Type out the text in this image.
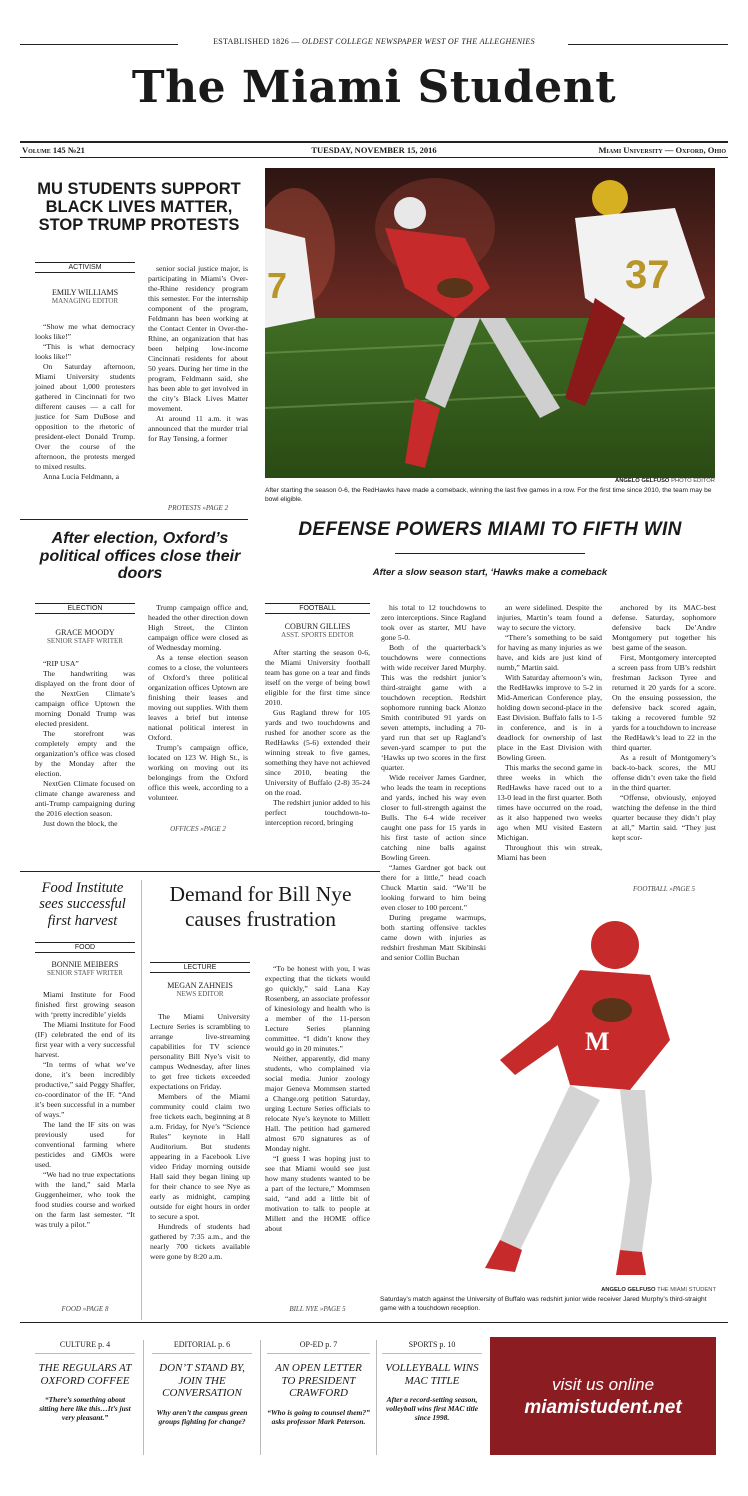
ESTABLISHED 1826 — OLDEST COLLEGE NEWSPAPER WEST OF THE ALLEGHENIES
The Miami Student
Volume 145 №21	TUESDAY, NOVEMBER 15, 2016	Miami University — Oxford, Ohio
MU STUDENTS SUPPORT BLACK LIVES MATTER, STOP TRUMP PROTESTS
ACTIVISM
EMILY WILLIAMS
MANAGING EDITOR

“Show me what democracy looks like!”

“This is what democracy looks like!”

On Saturday afternoon, Miami University students joined about 1,000 protesters gathered in Cincinnati for two different causes — a call for justice for Sam DuBose and opposition to the rhetoric of president-elect Donald Trump. Over the course of the afternoon, the protests merged to mixed results.

Anna Lucia Feldmann, a

senior social justice major, is participating in Miami’s Over-the-Rhine residency program this semester. For the internship component of the program, Feldmann has been working at the Contact Center in Over-the-Rhine, an organization that has been helping low-income Cincinnati residents for about 50 years. During her time in the program, Feldmann said, she has been able to get involved in the city’s Black Lives Matter movement.

At around 11 a.m. it was announced that the murder trial for Ray Tensing, a former

PROTESTS »PAGE 2
37
7
ANGELO GELFUSO PHOTO EDITOR
After starting the season 0-6, the RedHawks have made a comeback, winning the last five games in a row. For the first time since 2010, the team may be bowl eligible.
DEFENSE POWERS MIAMI TO FIFTH WIN
After a slow season start, ‘Hawks make a comeback
After election, Oxford’s political offices close their doors
ELECTION
GRACE MOODY
SENIOR STAFF WRITER

“RIP USA”

The handwriting was displayed on the front door of the NextGen Climate’s campaign office Uptown the morning Donald Trump was elected president.

The storefront was completely empty and the organization’s office was closed by the Monday after the election.

NextGen Climate focused on climate change awareness and anti-Trump campaigning during the 2016 election season.

Just down the block, the

Trump campaign office and, headed the other direction down High Street, the Clinton campaign office were closed as of Wednesday morning.

As a tense election season comes to a close, the volunteers of Oxford’s three political organization offices Uptown are finishing their leases and moving out supplies. With them leaves a brief but intense national political interest in Oxford.

Trump’s campaign office, located on 123 W. High St., is working on moving out its belongings from the Oxford office this week, according to a volunteer.

OFFICES »PAGE 2
FOOTBALL
COBURN GILLIES
ASST. SPORTS EDITOR

After starting the season 0-6, the Miami University football team has gone on a tear and finds itself on the verge of being bowl eligible for the first time since 2010.

Gus Ragland threw for 105 yards and two touchdowns and rushed for another score as the RedHawks (5-6) extended their winning streak to five games, something they have not achieved since 2010, beating the University of Buffalo (2-8) 35-24 on the road.

The redshirt junior added to his perfect touchdown-to-interception record, bringing

his total to 12 touchdowns to zero interceptions. Since Ragland took over as starter, MU have gone 5-0.

Both of the quarterback’s touchdowns were connections with wide receiver Jared Murphy. This was the redshirt junior’s third-straight game with a touchdown reception. Redshirt sophomore running back Alonzo Smith contributed 91 yards on seven attempts, including a 70-yard run that set up Ragland’s seven-yard scamper to put the ‘Hawks up two scores in the first quarter.

Wide receiver James Gardner, who leads the team in receptions and yards, inched his way even closer to full-strength against the Bulls. The 6-4 wide receiver caught one pass for 15 yards in his first taste of action since catching nine balls against Bowling Green.

“James Gardner got back out there for a little,” head coach Chuck Martin said. “We’ll be looking forward to him being even closer to 100 percent.”

During pregame warmups, both starting offensive tackles came down with injuries as redshirt freshman Matt Skibinski and senior Collin Buchan

an were sidelined. Despite the injuries, Martin’s team found a way to secure the victory.

“There’s something to be said for having as many injuries as we have, and kids are just kind of numb,” Martin said.

With Saturday afternoon’s win, the RedHawks improve to 5-2 in Mid-American Conference play, holding down second-place in the East Division. Buffalo falls to 1-5 in conference, and is in a deadlock for ownership of last place in the East Division with Bowling Green.

This marks the second game in three weeks in which the RedHawks have raced out to a 13-0 lead in the first quarter. Both times have occurred on the road, as it also happened two weeks ago when MU visited Eastern Michigan.

Throughout this win streak, Miami has been

anchored by its MAC-best defense. Saturday, sophomore defensive back De’Andre Montgomery put together his best game of the season.

First, Montgomery intercepted a screen pass from UB’s redshirt freshman Jackson Tyree and returned it 20 yards for a score. On the ensuing possession, the defensive back scored again, taking a recovered fumble 92 yards for a touchdown to increase the RedHawk’s lead to 22 in the third quarter.

As a result of Montgomery’s back-to-back scores, the MU offense didn’t even take the field in the third quarter.

“Offense, obviously, enjoyed watching the defense in the third quarter because they didn’t play at all,” Martin said. “They just kept scor-

FOOTBALL »PAGE 5
M
ANGELO GELFUSO THE MIAMI STUDENT
Saturday’s match against the University of Buffalo was redshirt junior wide receiver Jared Murphy’s third-straight game with a touchdown reception.
Food Institute sees successful first harvest
FOOD
BONNIE MEIBERS
SENIOR STAFF WRITER

Miami Institute for Food finished first growing season with ‘pretty incredible’ yields

The Miami Institute for Food (IF) celebrated the end of its first year with a very successful harvest.

“In terms of what we’ve done, it’s been incredibly productive,” said Peggy Shaffer, co-coordinator of the IF. “And it’s been successful in a number of ways.”

The land the IF sits on was previously used for conventional farming where pesticides and GMOs were used.

“We had no true expectations with the land,” said Marla Guggenheimer, who took the food studies course and worked on the farm last semester. “It was truly a pilot.”

FOOD »PAGE 8
Demand for Bill Nye causes frustration
LECTURE
MEGAN ZAHNEIS
NEWS EDITOR

The Miami University Lecture Series is scrambling to arrange live-streaming capabilities for TV science personality Bill Nye’s visit to campus Wednesday, after lines to get free tickets exceeded expectations on Friday.

Members of the Miami community could claim two free tickets each, beginning at 8 a.m. Friday, for Nye’s “Science Rules” keynote in Hall Auditorium. But students appearing in a Facebook Live video Friday morning outside Hall said they began lining up for their chance to see Nye as early as midnight, camping outside for eight hours in order to secure a spot.

Hundreds of students had gathered by 7:35 a.m., and the nearly 700 tickets available were gone by 8:20 a.m.

“To be honest with you, I was expecting that the tickets would go quickly,” said Lana Kay Rosenberg, an associate professor of kinesiology and health who is a member of the 11-person Lecture Series planning committee. “I didn’t know they would go in 20 minutes.”

Neither, apparently, did many students, who complained via social media. Junior zoology major Geneva Mommsen started a Change.org petition Saturday, urging Lecture Series officials to relocate Nye’s keynote to Millett Hall. The petition had garnered almost 670 signatures as of Monday night.

“I guess I was hoping just to see that Miami would see just how many students wanted to be a part of the lecture,” Mommsen said, “and add a little bit of motivation to talk to people at Millett and the HOME office about

BILL NYE »PAGE 5
CULTURE p. 4
THE REGULARS AT OXFORD COFFEE
“There’s something about sitting here like this…It’s just very pleasant.”
EDITORIAL p. 6
DON’T STAND BY, JOIN THE CONVERSATION
Why aren’t the campus green groups fighting for change?
OP-ED p. 7
AN OPEN LETTER TO PRESIDENT CRAWFORD
“Who is going to counsel them?” asks professor Mark Peterson.
SPORTS p. 10
VOLLEYBALL WINS MAC TITLE
After a record-setting season, volleyball wins first MAC title since 1998.
visit us online
miamistudent.net
